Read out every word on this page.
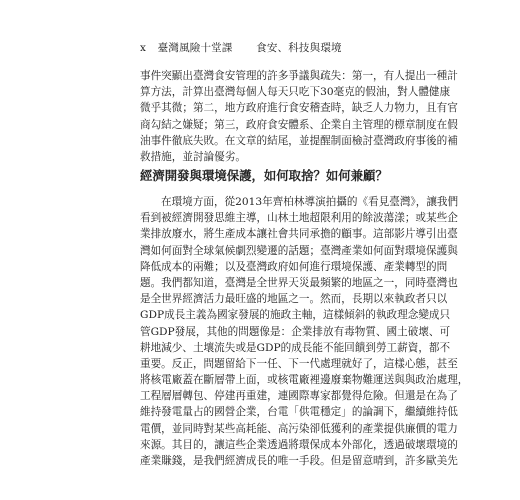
x 臺灣風險十堂課 食安、科技與環境
事件突顯出臺灣食安管理的許多爭議與疏失：第一，有人提出一種計
算方法，計算出臺灣每個人每天只吃下30毫克的假油，對人體健康
微乎其微；第二，地方政府進行食安稽查時，缺乏人力物力，且有官
商勾結之嫌疑；第三，政府食安體系、企業自主管理的標章制度在假
油事件徹底失敗。在文章的結尾，並提醒制面檢討臺灣政府事後的補
救措施，並討論優劣。
經濟開發與環境保護，如何取捨？如何兼顧？
在環境方面，從2013年齊柏林導演拍攝的《看見臺灣》，讓我們
看到被經濟開發思維主導，山林土地超限利用的餘波蕩漾；或某些企
業排放廢水，將生產成本讓社會共同承擔的顧事。這部影片導引出臺
灣如何面對全球氣候劇烈變遷的話題；臺灣產業如何面對環境保護與
降低成本的兩難；以及臺灣政府如何進行環境保護、產業轉型的問
題。我們都知道，臺灣是全世界天災最頻繁的地區之一，同時臺灣也
是全世界經濟活力最旺盛的地區之一。然而，長期以來執政者只以
GDP成長主義為國家發展的施政主軸，這樣傾斜的執政理念變成只
管GDP發展，其他的問題像是：企業排放有毒物質、國土破壞、可
耕地減少、土壤流失或是GDP的成長能不能回饋到勞工薪資，都不
重要。反正，問題留給下一任、下一代處理就好了，這樣心態，甚至
將核電廠蓋在斷層帶上面，或核電廠裡邊廢棄物難運送與與政治處理，
工程層層轉包、停建再重建，連國際專家都覺得危險。但還是在為了
維持發電量占的國營企業，台電「供電穩定」的論調下，繼續維持低
電價，並同時對某些高耗能、高污染卻低獲利的產業提供廉價的電力
來源。其目的，讓這些企業透過將環保成本外部化，透過破壞環境的
產業賺錢，是我們經濟成長的唯一手段。但是留意晴到，許多歐美先
